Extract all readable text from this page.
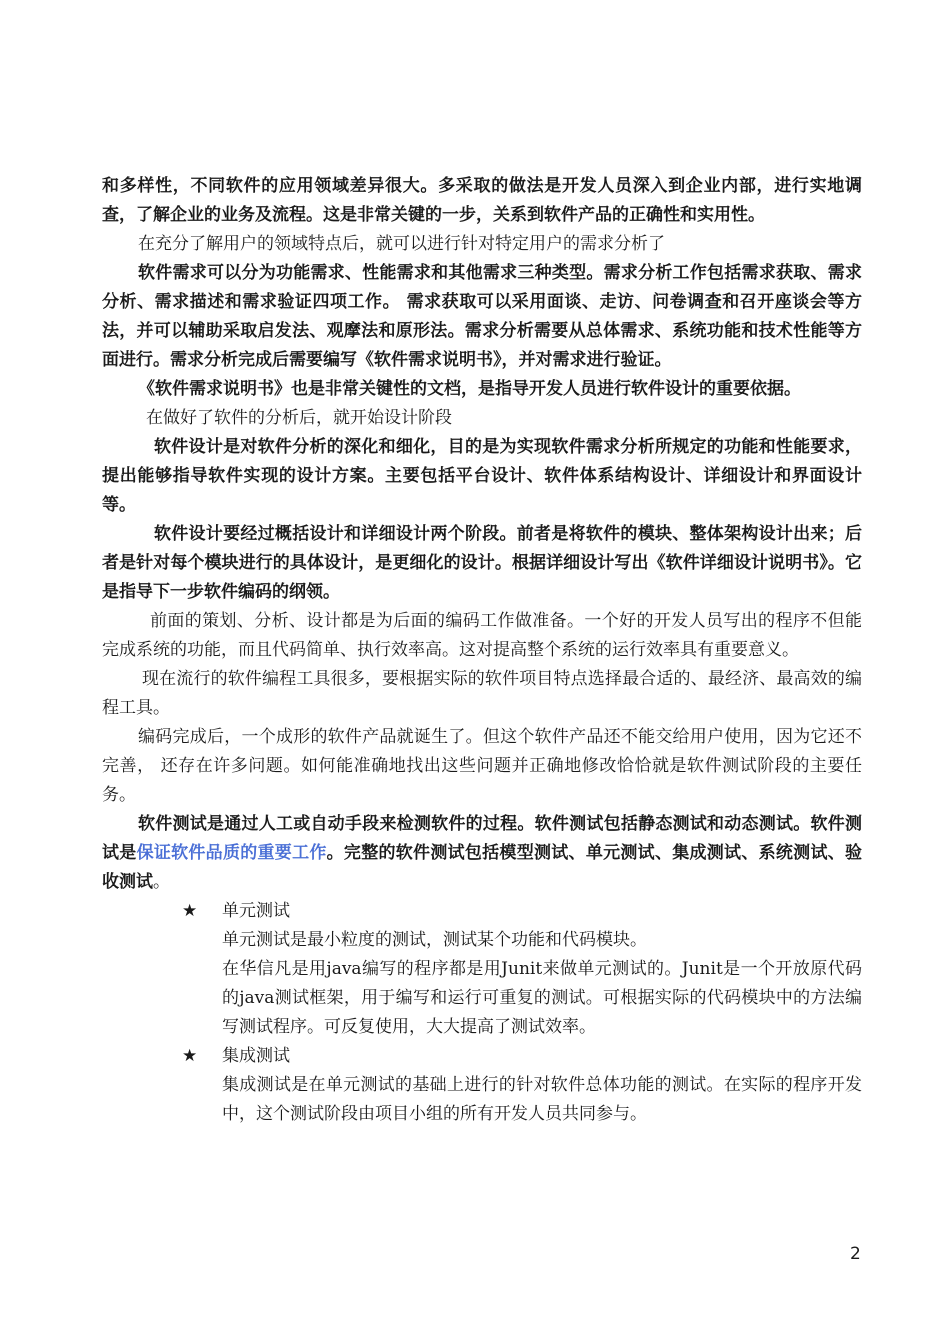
和多样性，不同软件的应用领域差异很大。多采取的做法是开发人员深入到企业内部，进行实地调查，了解企业的业务及流程。这是非常关键的一步，关系到软件产品的正确性和实用性。

在充分了解用户的领域特点后，就可以进行针对特定用户的需求分析了

软件需求可以分为功能需求、性能需求和其他需求三种类型。需求分析工作包括需求获取、需求分析、需求描述和需求验证四项工作。 需求获取可以采用面谈、走访、问卷调查和召开座谈会等方法，并可以辅助采取启发法、观摩法和原形法。需求分析需要从总体需求、系统功能和技术性能等方面进行。需求分析完成后需要编写《软件需求说明书》，并对需求进行验证。

《软件需求说明书》也是非常关键性的文档，是指导开发人员进行软件设计的重要依据。

在做好了软件的分析后，就开始设计阶段

软件设计是对软件分析的深化和细化，目的是为实现软件需求分析所规定的功能和性能要求，提出能够指导软件实现的设计方案。主要包括平台设计、软件体系结构设计、详细设计和界面设计等。

软件设计要经过概括设计和详细设计两个阶段。前者是将软件的模块、整体架构设计出来；后者是针对每个模块进行的具体设计，是更细化的设计。根据详细设计写出《软件详细设计说明书》。它是指导下一步软件编码的纲领。

前面的策划、分析、设计都是为后面的编码工作做准备。一个好的开发人员写出的程序不但能完成系统的功能，而且代码简单、执行效率高。这对提高整个系统的运行效率具有重要意义。

现在流行的软件编程工具很多，要根据实际的软件项目特点选择最合适的、最经济、最高效的编程工具。

编码完成后，一个成形的软件产品就诞生了。但这个软件产品还不能交给用户使用，因为它还不完善， 还存在许多问题。如何能准确地找出这些问题并正确地修改恰恰就是软件测试阶段的主要任务。

软件测试是通过人工或自动手段来检测软件的过程。软件测试包括静态测试和动态测试。软件测试是保证软件品质的重要工作。完整的软件测试包括模型测试、单元测试、集成测试、系统测试、验收测试。

★ 单元测试

单元测试是最小粒度的测试，测试某个功能和代码模块。

在华信凡是用java编写的程序都是用Junit来做单元测试的。Junit是一个开放原代码的java测试框架，用于编写和运行可重复的测试。可根据实际的代码模块中的方法编写测试程序。可反复使用，大大提高了测试效率。

★ 集成测试

集成测试是在单元测试的基础上进行的针对软件总体功能的测试。在实际的程序开发中，这个测试阶段由项目小组的所有开发人员共同参与。

2
